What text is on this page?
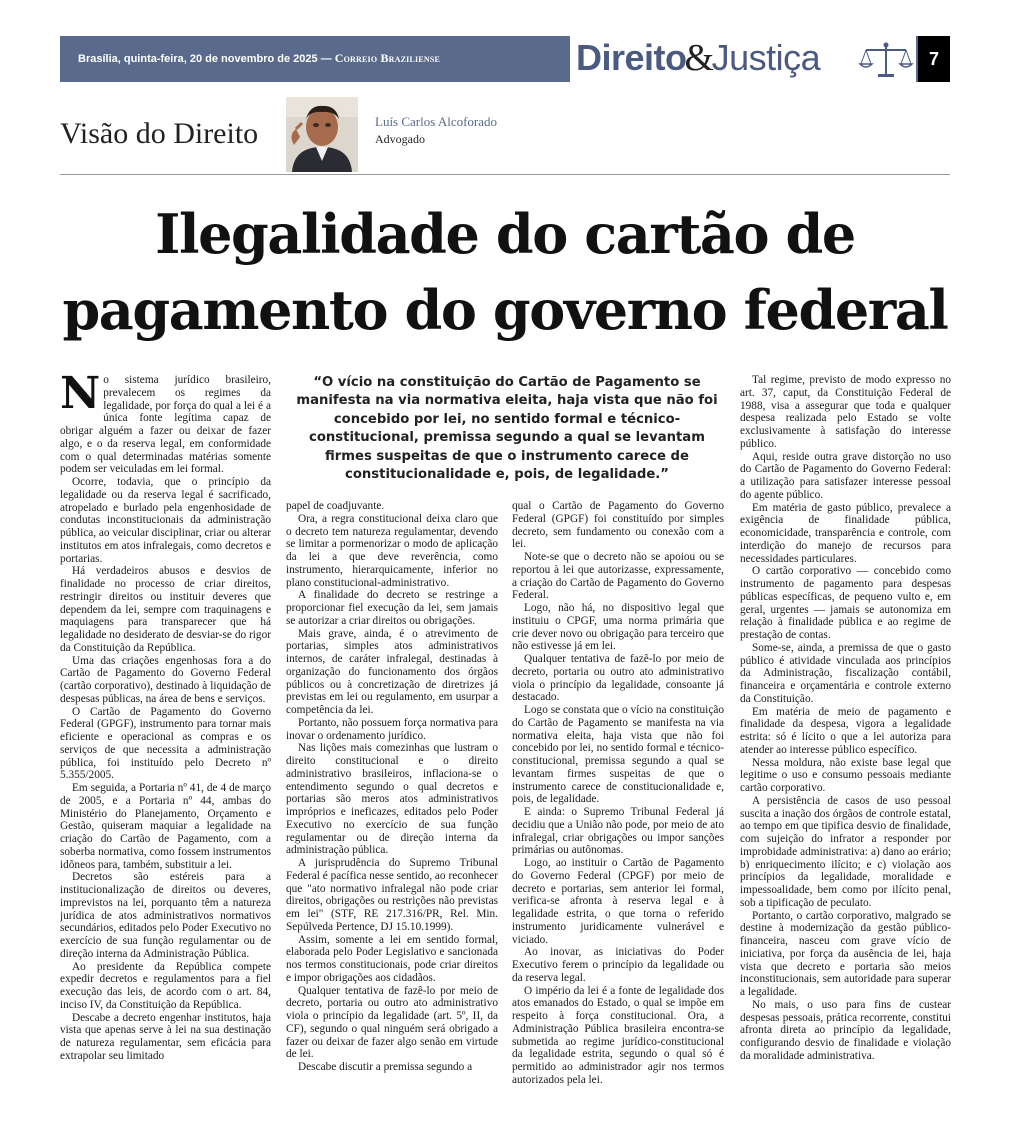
Brasília, quinta-feira, 20 de novembro de 2025 — Correio Braziliense	Direito&Justiça	7
Visão do Direito	Luís Carlos Alcoforado
Advogado
Ilegalidade do cartão de pagamento do governo federal

“O vício na constituição do Cartão de Pagamento se manifesta na via normativa eleita, haja vista que não foi concebido por lei, no sentido formal e técnico-constitucional, premissa segundo a qual se levantam firmes suspeitas de que o instrumento carece de constitucionalidade e, pois, de legalidade.”

No sistema jurídico brasileiro, prevalecem os regimes da legalidade, por força do qual a lei é a única fonte legítima capaz de obrigar alguém a fazer ou deixar de fazer algo, e o da reserva legal, em conformidade com o qual determinadas matérias somente podem ser veiculadas em lei formal.

Ocorre, todavia, que o princípio da legalidade ou da reserva legal é sacrificado, atropelado e burlado pela engenhosidade de condutas inconstitucionais da administração pública, ao veicular disciplinar, criar ou alterar institutos em atos infralegais, como decretos e portarias.

Há verdadeiros abusos e desvios de finalidade no processo de criar direitos, restringir direitos ou instituir deveres que dependem da lei, sempre com traquinagens e maquiagens para transparecer que há legalidade no desiderato de desviar-se do rigor da Constituição da República.

Uma das criações engenhosas fora a do Cartão de Pagamento do Governo Federal (cartão corporativo), destinado à liquidação de despesas públicas, na área de bens e serviços.

O Cartão de Pagamento do Governo Federal (GPGF), instrumento para tornar mais eficiente e operacional as compras e os serviços de que necessita a administração pública, foi instituído pelo Decreto nº 5.355/2005.

Em seguida, a Portaria nº 41, de 4 de março de 2005, e a Portaria nº 44, ambas do Ministério do Planejamento, Orçamento e Gestão, quiseram maquiar a legalidade na criação do Cartão de Pagamento, com a soberba normativa, como fossem instrumentos idôneos para, também, substituir a lei.

Decretos são estéreis para a institucionalização de direitos ou deveres, imprevistos na lei, porquanto têm a natureza jurídica de atos administrativos normativos secundários, editados pelo Poder Executivo no exercício de sua função regulamentar ou de direção interna da Administração Pública.

Ao presidente da República compete expedir decretos e regulamentos para a fiel execução das leis, de acordo com o art. 84, inciso IV, da Constituição da República.

Descabe a decreto engenhar institutos, haja vista que apenas serve à lei na sua destinação de natureza regulamentar, sem eficácia para extrapolar seu limitado

papel de coadjuvante.

Ora, a regra constitucional deixa claro que o decreto tem natureza regulamentar, devendo se limitar a pormenorizar o modo de aplicação da lei a que deve reverência, como instrumento, hierarquicamente, inferior no plano constitucional-administrativo.

A finalidade do decreto se restringe a proporcionar fiel execução da lei, sem jamais se autorizar a criar direitos ou obrigações.

Mais grave, ainda, é o atrevimento de portarias, simples atos administrativos internos, de caráter infralegal, destinadas à organização do funcionamento dos órgãos públicos ou à concretização de diretrizes já previstas em lei ou regulamento, em usurpar a competência da lei.

Portanto, não possuem força normativa para inovar o ordenamento jurídico.

Nas lições mais comezinhas que lustram o direito constitucional e o direito administrativo brasileiros, inflaciona-se o entendimento segundo o qual decretos e portarias são meros atos administrativos impróprios e ineficazes, editados pelo Poder Executivo no exercício de sua função regulamentar ou de direção interna da administração pública.

A jurisprudência do Supremo Tribunal Federal é pacífica nesse sentido, ao reconhecer que "ato normativo infralegal não pode criar direitos, obrigações ou restrições não previstas em lei" (STF, RE 217.316/PR, Rel. Min. Sepúlveda Pertence, DJ 15.10.1999).

Assim, somente a lei em sentido formal, elaborada pelo Poder Legislativo e sancionada nos termos constitucionais, pode criar direitos e impor obrigações aos cidadãos.

Qualquer tentativa de fazê-lo por meio de decreto, portaria ou outro ato administrativo viola o princípio da legalidade (art. 5º, II, da CF), segundo o qual ninguém será obrigado a fazer ou deixar de fazer algo senão em virtude de lei.

Descabe discutir a premissa segundo a

qual o Cartão de Pagamento do Governo Federal (GPGF) foi constituído por simples decreto, sem fundamento ou conexão com a lei.

Note-se que o decreto não se apoiou ou se reportou à lei que autorizasse, expressamente, a criação do Cartão de Pagamento do Governo Federal.

Logo, não há, no dispositivo legal que instituiu o CPGF, uma norma primária que crie dever novo ou obrigação para terceiro que não estivesse já em lei.

Qualquer tentativa de fazê-lo por meio de decreto, portaria ou outro ato administrativo viola o princípio da legalidade, consoante já destacado.

Logo se constata que o vício na constituição do Cartão de Pagamento se manifesta na via normativa eleita, haja vista que não foi concebido por lei, no sentido formal e técnico-constitucional, premissa segundo a qual se levantam firmes suspeitas de que o instrumento carece de constitucionalidade e, pois, de legalidade.

E ainda: o Supremo Tribunal Federal já decidiu que a União não pode, por meio de ato infralegal, criar obrigações ou impor sanções primárias ou autônomas.

Logo, ao instituir o Cartão de Pagamento do Governo Federal (CPGF) por meio de decreto e portarias, sem anterior lei formal, verifica-se afronta à reserva legal e à legalidade estrita, o que torna o referido instrumento juridicamente vulnerável e viciado.

Ao inovar, as iniciativas do Poder Executivo ferem o princípio da legalidade ou da reserva legal.

O império da lei é a fonte de legalidade dos atos emanados do Estado, o qual se impõe em respeito à força constitucional. Ora, a Administração Pública brasileira encontra-se submetida ao regime jurídico-constitucional da legalidade estrita, segundo o qual só é permitido ao administrador agir nos termos autorizados pela lei.

Tal regime, previsto de modo expresso no art. 37, caput, da Constituição Federal de 1988, visa a assegurar que toda e qualquer despesa realizada pelo Estado se volte exclusivamente à satisfação do interesse público.

Aqui, reside outra grave distorção no uso do Cartão de Pagamento do Governo Federal: a utilização para satisfazer interesse pessoal do agente público.

Em matéria de gasto público, prevalece a exigência de finalidade pública, economicidade, transparência e controle, com interdição do manejo de recursos para necessidades particulares.

O cartão corporativo — concebido como instrumento de pagamento para despesas públicas específicas, de pequeno vulto e, em geral, urgentes — jamais se autonomiza em relação à finalidade pública e ao regime de prestação de contas.

Some-se, ainda, a premissa de que o gasto público é atividade vinculada aos princípios da Administração, fiscalização contábil, financeira e orçamentária e controle externo da Constituição.

Em matéria de meio de pagamento e finalidade da despesa, vigora a legalidade estrita: só é lícito o que a lei autoriza para atender ao interesse público específico.

Nessa moldura, não existe base legal que legitime o uso e consumo pessoais mediante cartão corporativo.

A persistência de casos de uso pessoal suscita a inação dos órgãos de controle estatal, ao tempo em que tipifica desvio de finalidade, com sujeição do infrator a responder por improbidade administrativa: a) dano ao erário; b) enriquecimento ilícito; e c) violação aos princípios da legalidade, moralidade e impessoalidade, bem como por ilícito penal, sob a tipificação de peculato.

Portanto, o cartão corporativo, malgrado se destine à modernização da gestão público-financeira, nasceu com grave vício de iniciativa, por força da ausência de lei, haja vista que decreto e portaria são meios inconstitucionais, sem autoridade para superar a legalidade.

No mais, o uso para fins de custear despesas pessoais, prática recorrente, constitui afronta direta ao princípio da legalidade, configurando desvio de finalidade e violação da moralidade administrativa.
